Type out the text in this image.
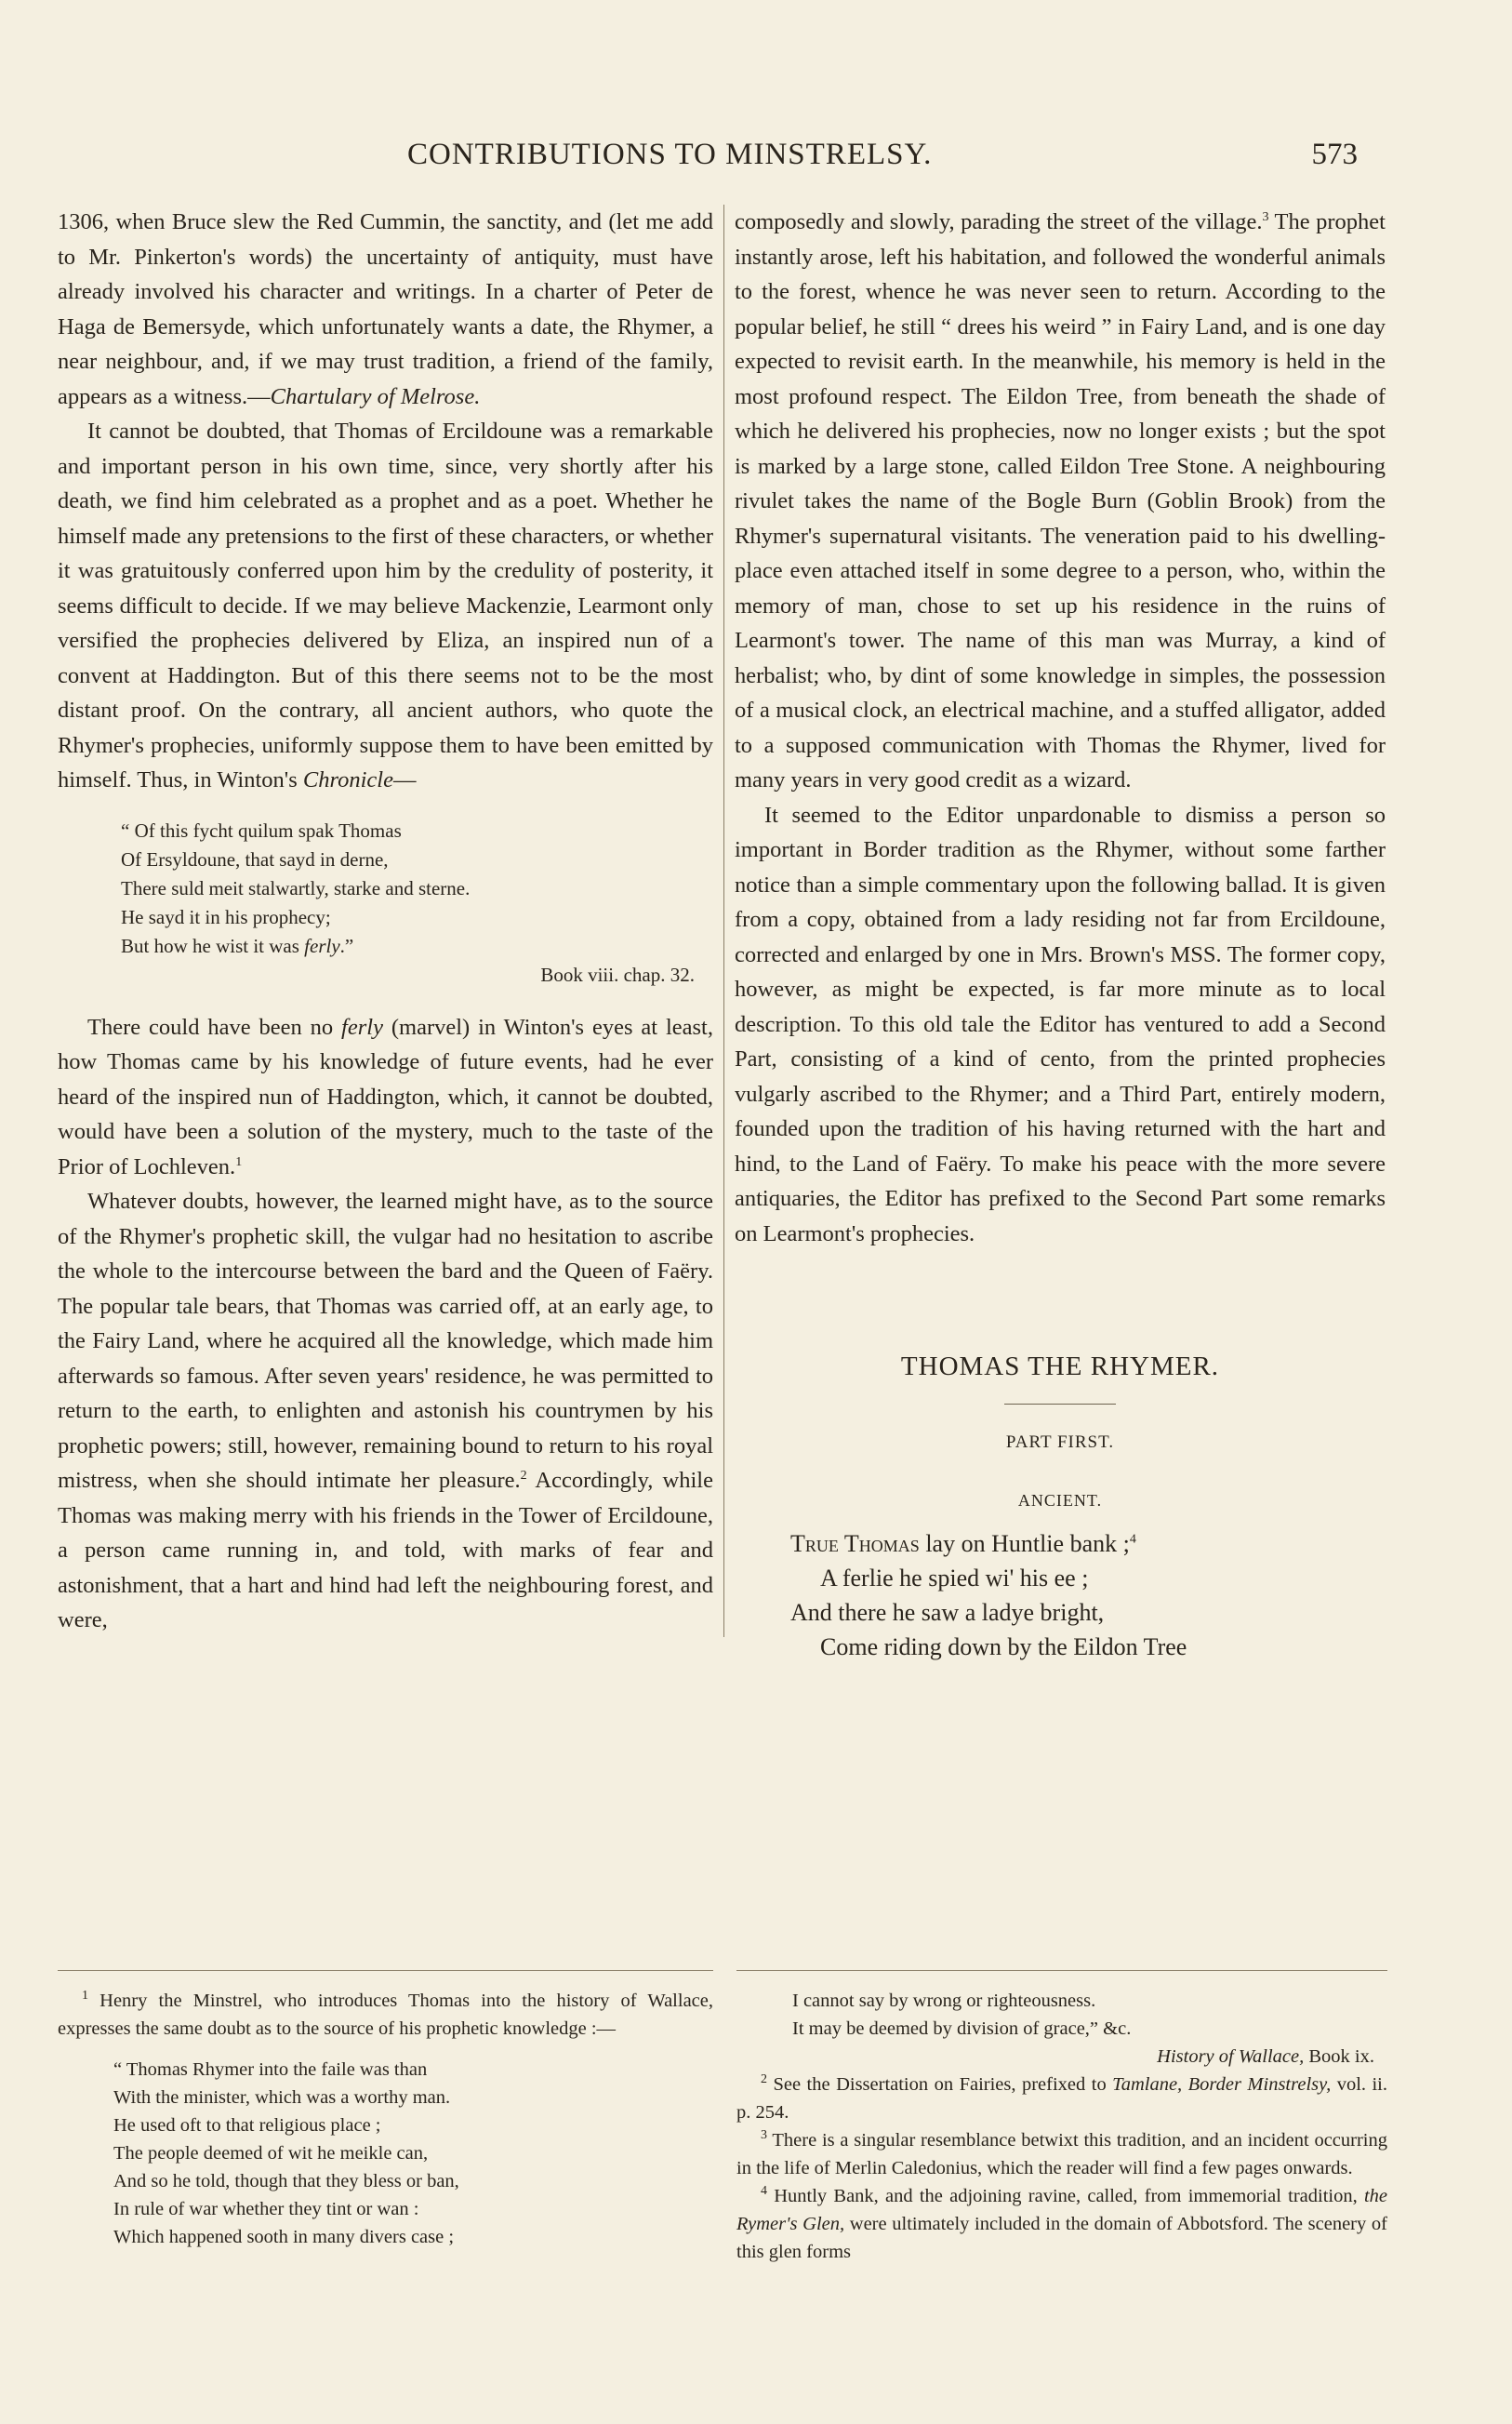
CONTRIBUTIONS TO MINSTRELSY.	573

1306, when Bruce slew the Red Cummin, the sanctity, and (let me add to Mr. Pinkerton's words) the uncertainty of antiquity, must have already involved his character and writings. In a charter of Peter de Haga de Bemersyde, which unfortunately wants a date, the Rhymer, a near neighbour, and, if we may trust tradition, a friend of the family, appears as a witness.—Chartulary of Melrose.

It cannot be doubted, that Thomas of Ercildoune was a remarkable and important person in his own time, since, very shortly after his death, we find him celebrated as a prophet and as a poet. Whether he himself made any pretensions to the first of these characters, or whether it was gratuitously conferred upon him by the credulity of posterity, it seems difficult to decide. If we may believe Mackenzie, Learmont only versified the prophecies delivered by Eliza, an inspired nun of a convent at Haddington. But of this there seems not to be the most distant proof. On the contrary, all ancient authors, who quote the Rhymer's prophecies, uniformly suppose them to have been emitted by himself. Thus, in Winton's Chronicle—

“ Of this fycht quilum spak Thomas
Of Ersyldoune, that sayd in derne,
There suld meit stalwartly, starke and sterne.
He sayd it in his prophecy;
But how he wist it was ferly.”
Book viii. chap. 32.

There could have been no ferly (marvel) in Winton's eyes at least, how Thomas came by his knowledge of future events, had he ever heard of the inspired nun of Haddington, which, it cannot be doubted, would have been a solution of the mystery, much to the taste of the Prior of Lochleven.$^1$

Whatever doubts, however, the learned might have, as to the source of the Rhymer's prophetic skill, the vulgar had no hesitation to ascribe the whole to the intercourse between the bard and the Queen of Faëry. The popular tale bears, that Thomas was carried off, at an early age, to the Fairy Land, where he acquired all the knowledge, which made him afterwards so famous. After seven years' residence, he was permitted to return to the earth, to enlighten and astonish his countrymen by his prophetic powers; still, however, remaining bound to return to his royal mistress, when she should intimate her pleasure.$^2$ Accordingly, while Thomas was making merry with his friends in the Tower of Ercildoune, a person came running in, and told, with marks of fear and astonishment, that a hart and hind had left the neighbouring forest, and were,

composedly and slowly, parading the street of the village.$^3$ The prophet instantly arose, left his habitation, and followed the wonderful animals to the forest, whence he was never seen to return. According to the popular belief, he still “ drees his weird ” in Fairy Land, and is one day expected to revisit earth. In the meanwhile, his memory is held in the most profound respect. The Eildon Tree, from beneath the shade of which he delivered his prophecies, now no longer exists ; but the spot is marked by a large stone, called Eildon Tree Stone. A neighbouring rivulet takes the name of the Bogle Burn (Goblin Brook) from the Rhymer's supernatural visitants. The veneration paid to his dwelling-place even attached itself in some degree to a person, who, within the memory of man, chose to set up his residence in the ruins of Learmont's tower. The name of this man was Murray, a kind of herbalist; who, by dint of some knowledge in simples, the possession of a musical clock, an electrical machine, and a stuffed alligator, added to a supposed communication with Thomas the Rhymer, lived for many years in very good credit as a wizard.

It seemed to the Editor unpardonable to dismiss a person so important in Border tradition as the Rhymer, without some farther notice than a simple commentary upon the following ballad. It is given from a copy, obtained from a lady residing not far from Ercildoune, corrected and enlarged by one in Mrs. Brown's MSS. The former copy, however, as might be expected, is far more minute as to local description. To this old tale the Editor has ventured to add a Second Part, consisting of a kind of cento, from the printed prophecies vulgarly ascribed to the Rhymer; and a Third Part, entirely modern, founded upon the tradition of his having returned with the hart and hind, to the Land of Faëry. To make his peace with the more severe antiquaries, the Editor has prefixed to the Second Part some remarks on Learmont's prophecies.

THOMAS THE RHYMER.
PART FIRST.
ANCIENT.
True Thomas lay on Huntlie bank ;$^4$
A ferlie he spied wi' his ee ;
And there he saw a ladye bright,
Come riding down by the Eildon Tree
$^1$ Henry the Minstrel, who introduces Thomas into the history of Wallace, expresses the same doubt as to the source of his prophetic knowledge :—
“ Thomas Rhymer into the faile was than
With the minister, which was a worthy man.
He used oft to that religious place ;
The people deemed of wit he meikle can,
And so he told, though that they bless or ban,
In rule of war whether they tint or wan :
Which happened sooth in many divers case ;
I cannot say by wrong or righteousness.
It may be deemed by division of grace,” &c.
History of Wallace, Book ix.
$^2$ See the Dissertation on Fairies, prefixed to Tamlane, Border Minstrelsy, vol. ii. p. 254.
$^3$ There is a singular resemblance betwixt this tradition, and an incident occurring in the life of Merlin Caledonius, which the reader will find a few pages onwards.
$^4$ Huntly Bank, and the adjoining ravine, called, from immemorial tradition, the Rymer's Glen, were ultimately included in the domain of Abbotsford. The scenery of this glen forms
